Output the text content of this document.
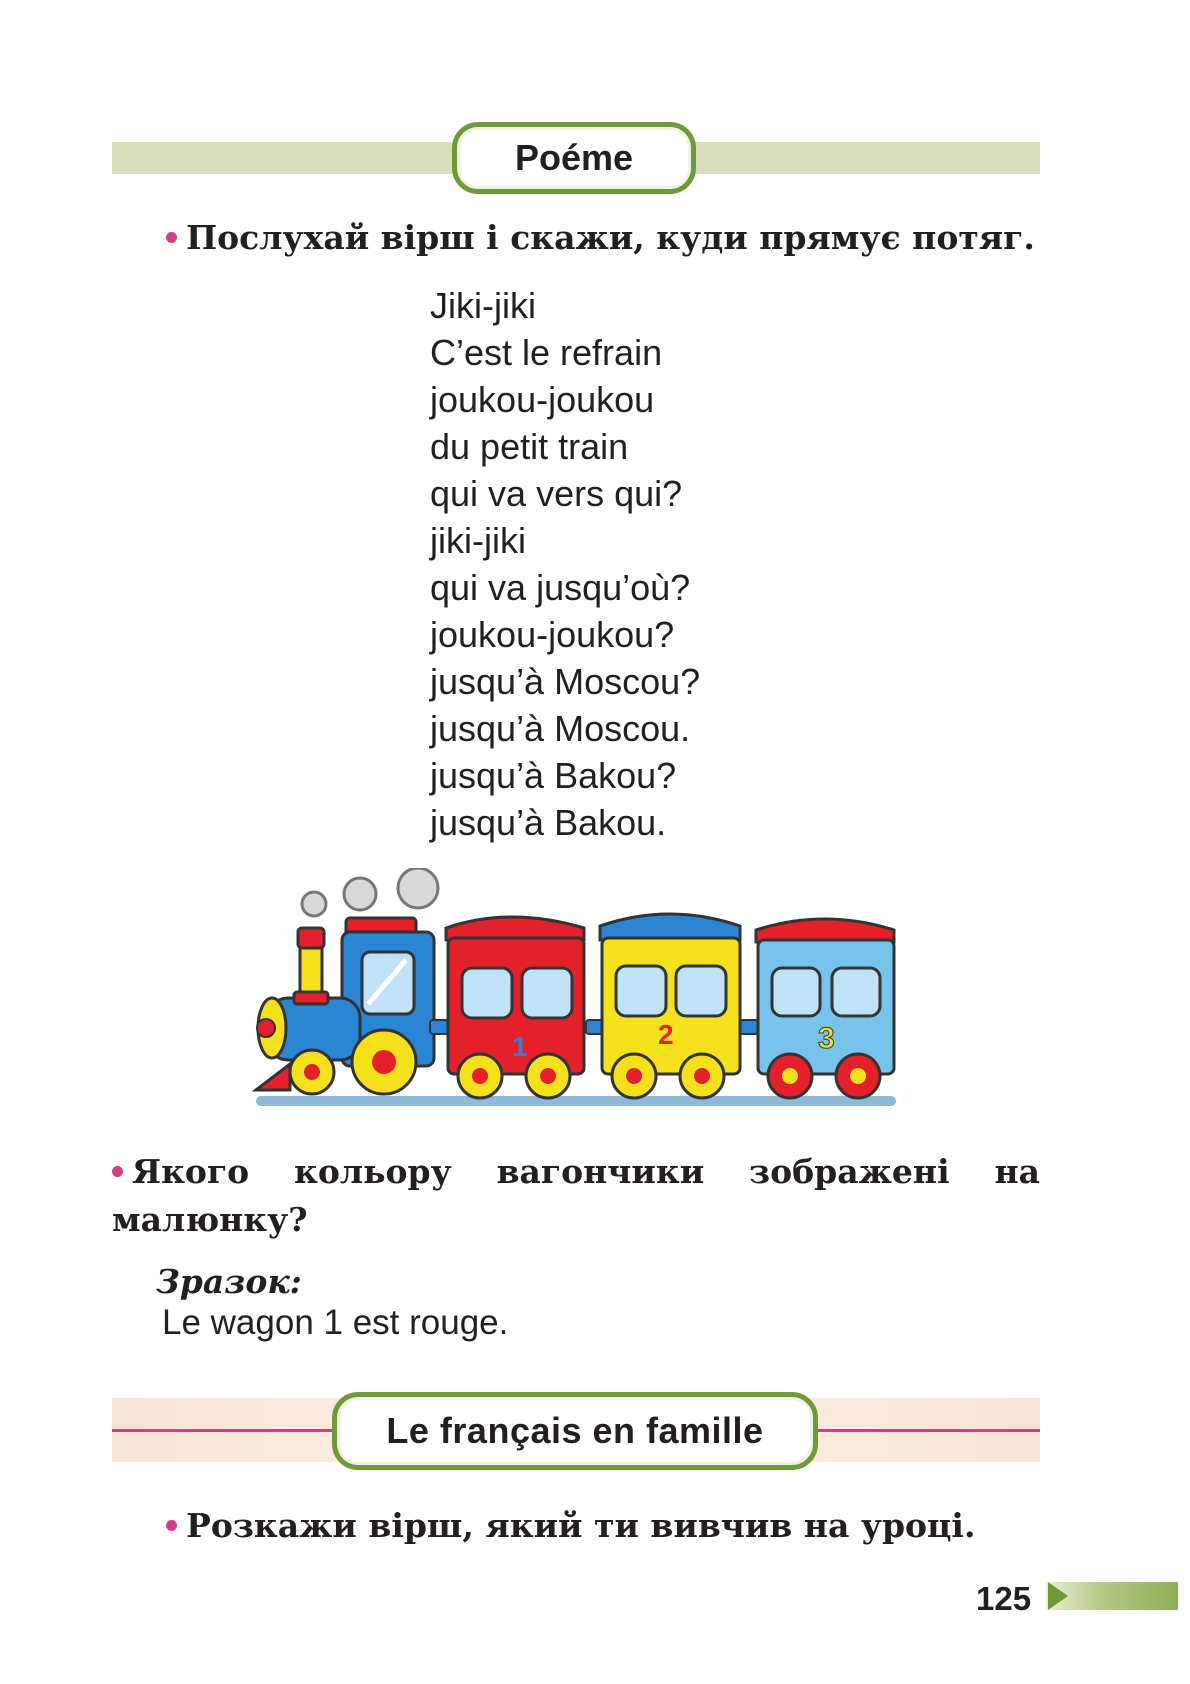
Poéme
Послухай вірш і скажи, куди прямує потяг.
Jiki-jiki
C’est le refrain
joukou-joukou
du petit train
qui va vers qui?
jiki-jiki
qui va jusqu’où?
joukou-joukou?
jusqu’à Moscou?
jusqu’à Moscou.
jusqu’à Bakou?
jusqu’à Bakou.
1	2	3
Якого кольору вагончики зображені на малюнку?
Зразок:
Le wagon 1 est rouge.
Le français en famille
Розкажи вірш, який ти вивчив на уроці.
125
